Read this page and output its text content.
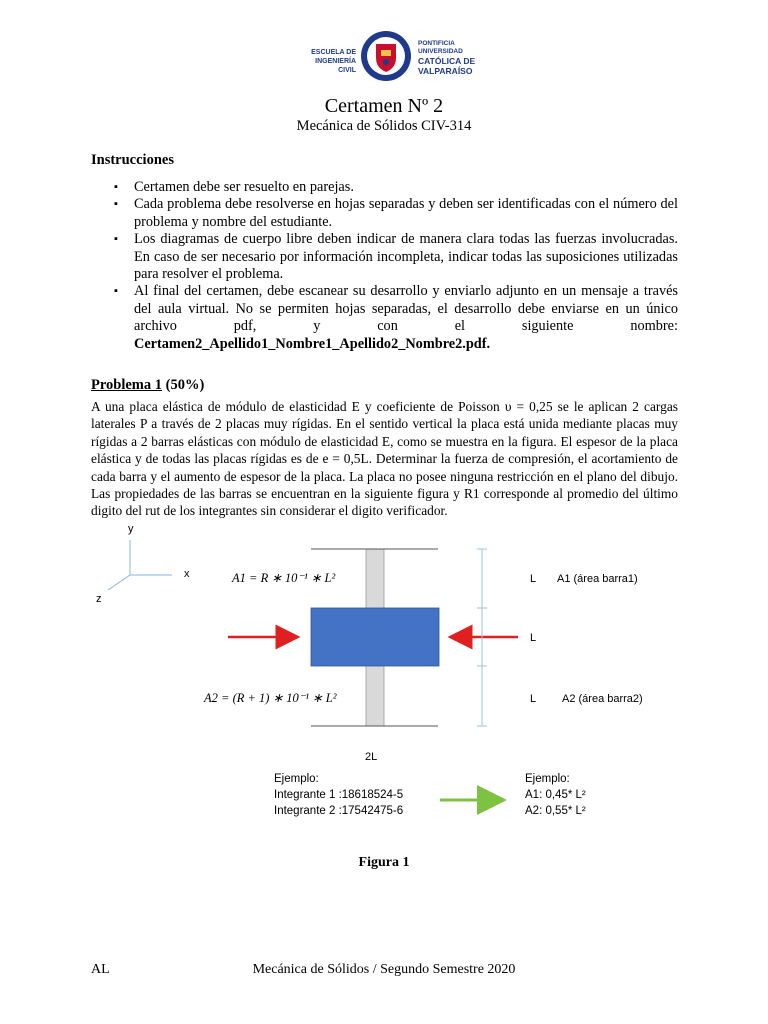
ESCUELA DE
INGENIERÍA CIVIL
PONTIFICIA
UNIVERSIDAD
CATÓLICA DE
VALPARAÍSO
Certamen Nº 2
Mecánica de Sólidos CIV-314
Instrucciones
▪ Certamen debe ser resuelto en parejas.
▪ Cada problema debe resolverse en hojas separadas y deben ser identificadas con el número del problema y nombre del estudiante.
▪ Los diagramas de cuerpo libre deben indicar de manera clara todas las fuerzas involucradas. En caso de ser necesario por información incompleta, indicar todas las suposiciones utilizadas para resolver el problema.
▪ Al final del certamen, debe escanear su desarrollo y enviarlo adjunto en un mensaje a través del aula virtual. No se permiten hojas separadas, el desarrollo debe enviarse en un único archivo pdf, y con el siguiente nombre: Certamen2_Apellido1_Nombre1_Apellido2_Nombre2.pdf.
Problema 1 (50%)
A una placa elástica de módulo de elasticidad E y coeficiente de Poisson υ = 0,25 se le aplican 2 cargas laterales P a través de 2 placas muy rígidas. En el sentido vertical la placa está unida mediante placas muy rígidas a 2 barras elásticas con módulo de elasticidad E, como se muestra en la figura. El espesor de la placa elástica y de todas las placas rígidas es de e = 0,5L. Determinar la fuerza de compresión, el acortamiento de cada barra y el aumento de espesor de la placa. La placa no posee ninguna restricción en el plano del dibujo. Las propiedades de las barras se encuentran en la siguiente figura y R1 corresponde al promedio del último digito del rut de los integrantes sin considerar el digito verificador.
y
x
z
A1 = R ∗ 10⁻¹ ∗ L²
A2 = (R + 1) ∗ 10⁻¹ ∗ L²
L
L
L
A1 (área barra1)
A2 (área barra2)
2L
Ejemplo:
Integrante 1 :18618524-5
Integrante 2 :17542475-6
Ejemplo:
A1: 0,45* L²
A2: 0,55* L²
Figura 1
AL	Mecánica de Sólidos / Segundo Semestre 2020
